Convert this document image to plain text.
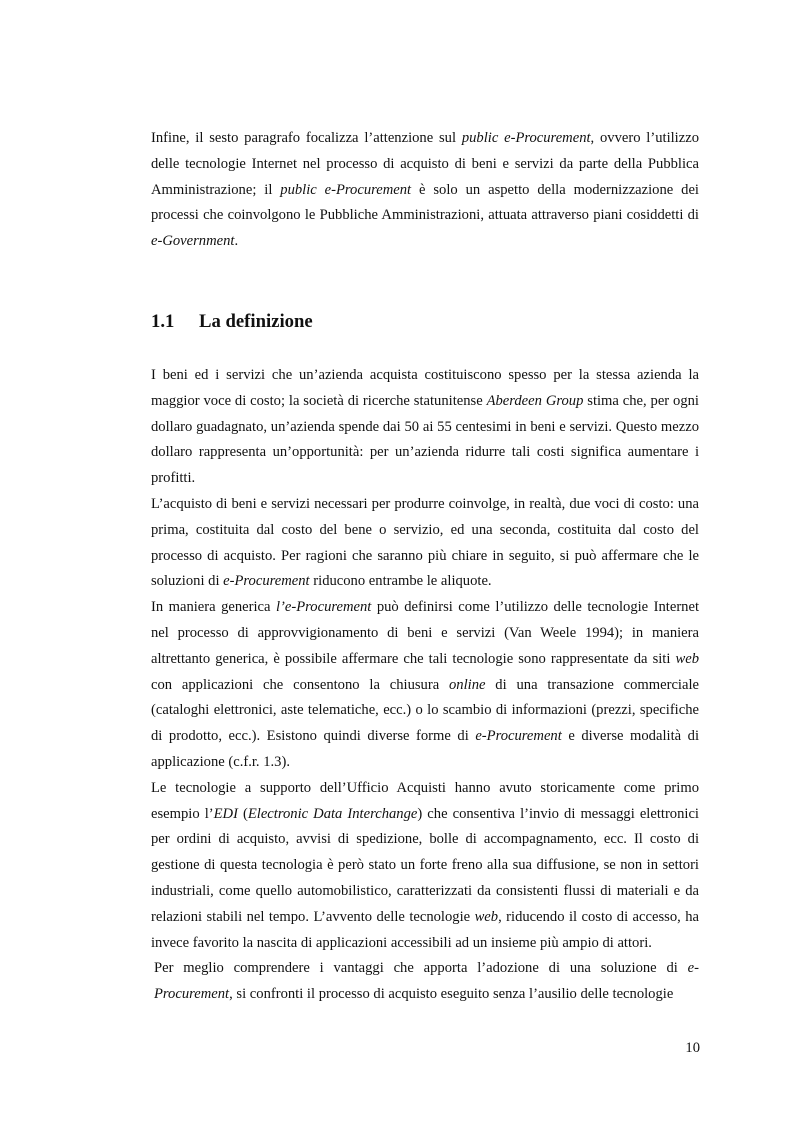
Infine, il sesto paragrafo focalizza l’attenzione sul public e-Procurement, ovvero l’utilizzo delle tecnologie Internet nel processo di acquisto di beni e servizi da parte della Pubblica Amministrazione; il public e-Procurement è solo un aspetto della modernizzazione dei processi che coinvolgono le Pubbliche Amministrazioni, attuata attraverso piani cosiddetti di e-Government.

1.1 La definizione

I beni ed i servizi che un’azienda acquista costituiscono spesso per la stessa azienda la maggior voce di costo; la società di ricerche statunitense Aberdeen Group stima che, per ogni dollaro guadagnato, un’azienda spende dai 50 ai 55 centesimi in beni e servizi. Questo mezzo dollaro rappresenta un’opportunità: per un’azienda ridurre tali costi significa aumentare i profitti.

L’acquisto di beni e servizi necessari per produrre coinvolge, in realtà, due voci di costo: una prima, costituita dal costo del bene o servizio, ed una seconda, costituita dal costo del processo di acquisto. Per ragioni che saranno più chiare in seguito, si può affermare che le soluzioni di e-Procurement riducono entrambe le aliquote.

In maniera generica l’e-Procurement può definirsi come l’utilizzo delle tecnologie Internet nel processo di approvvigionamento di beni e servizi (Van Weele 1994); in maniera altrettanto generica, è possibile affermare che tali tecnologie sono rappresentate da siti web con applicazioni che consentono la chiusura online di una transazione commerciale (cataloghi elettronici, aste telematiche, ecc.) o lo scambio di informazioni (prezzi, specifiche di prodotto, ecc.). Esistono quindi diverse forme di e-Procurement e diverse modalità di applicazione (c.f.r. 1.3).

Le tecnologie a supporto dell’Ufficio Acquisti hanno avuto storicamente come primo esempio l’EDI (Electronic Data Interchange) che consentiva l’invio di messaggi elettronici per ordini di acquisto, avvisi di spedizione, bolle di accompagnamento, ecc. Il costo di gestione di questa tecnologia è però stato un forte freno alla sua diffusione, se non in settori industriali, come quello automobilistico, caratterizzati da consistenti flussi di materiali e da relazioni stabili nel tempo. L’avvento delle tecnologie web, riducendo il costo di accesso, ha invece favorito la nascita di applicazioni accessibili ad un insieme più ampio di attori.

Per meglio comprendere i vantaggi che apporta l’adozione di una soluzione di e-Procurement, si confronti il processo di acquisto eseguito senza l’ausilio delle tecnologie

10
